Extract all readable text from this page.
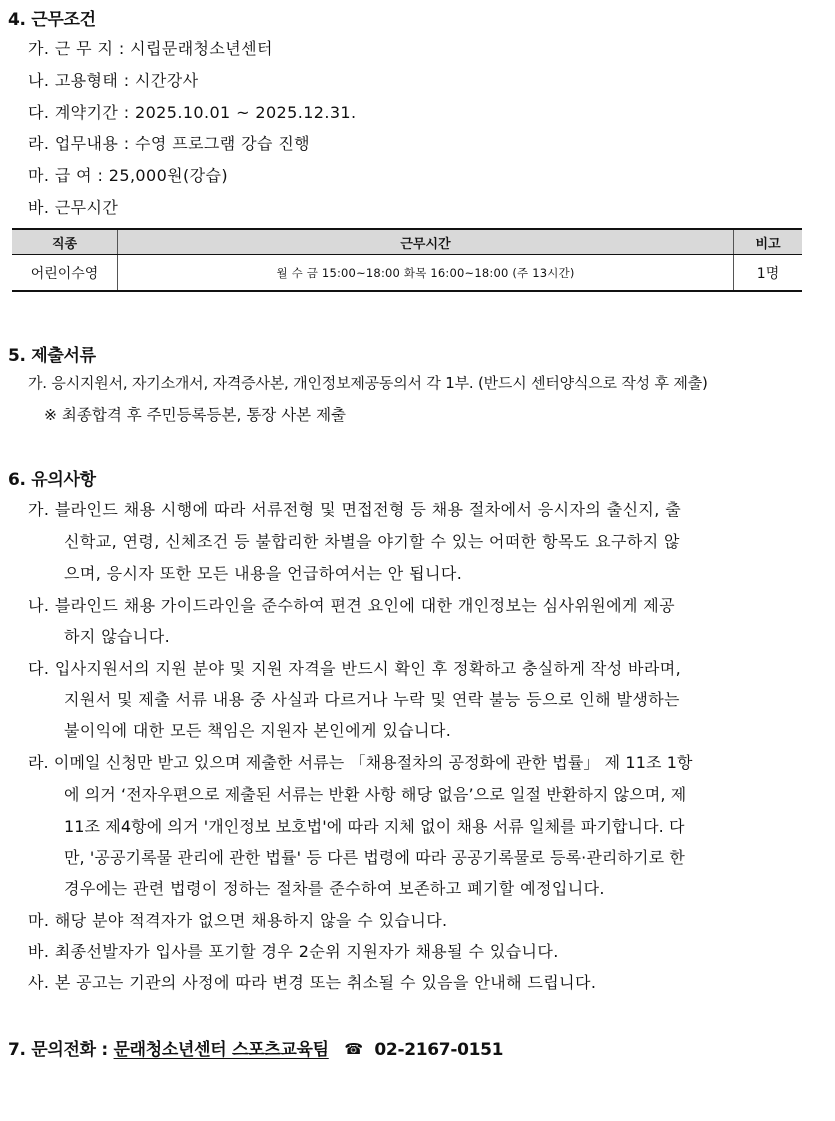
4. 근무조건
가. 근 무 지 : 시립문래청소년센터
나. 고용형태 : 시간강사
다. 계약기간 : 2025.10.01 ~ 2025.12.31.
라. 업무내용 : 수영 프로그램 강습 진행
마. 급 여 : 25,000원(강습)
바. 근무시간
직종	근무시간	비고
어린이수영	월 수 금 15:00~18:00 화목 16:00~18:00 (주 13시간)	1명
5. 제출서류
가. 응시지원서, 자기소개서, 자격증사본, 개인정보제공동의서 각 1부. (반드시 센터양식으로 작성 후 제출)
※ 최종합격 후 주민등록등본, 통장 사본 제출
6. 유의사항
가. 블라인드 채용 시행에 따라 서류전형 및 면접전형 등 채용 절차에서 응시자의 출신지, 출
신학교, 연령, 신체조건 등 불합리한 차별을 야기할 수 있는 어떠한 항목도 요구하지 않
으며, 응시자 또한 모든 내용을 언급하여서는 안 됩니다.
나. 블라인드 채용 가이드라인을 준수하여 편견 요인에 대한 개인정보는 심사위원에게 제공
하지 않습니다.
다. 입사지원서의 지원 분야 및 지원 자격을 반드시 확인 후 정확하고 충실하게 작성 바라며,
지원서 및 제출 서류 내용 중 사실과 다르거나 누락 및 연락 불능 등으로 인해 발생하는
불이익에 대한 모든 책임은 지원자 본인에게 있습니다.
라. 이메일 신청만 받고 있으며 제출한 서류는 「채용절차의 공정화에 관한 법률」 제 11조 1항
에 의거 ‘전자우편으로 제출된 서류는 반환 사항 해당 없음’으로 일절 반환하지 않으며, 제
11조 제4항에 의거 '개인정보 보호법'에 따라 지체 없이 채용 서류 일체를 파기합니다. 다
만, '공공기록물 관리에 관한 법률' 등 다른 법령에 따라 공공기록물로 등록·관리하기로 한
경우에는 관련 법령이 정하는 절차를 준수하여 보존하고 폐기할 예정입니다.
마. 해당 분야 적격자가 없으면 채용하지 않을 수 있습니다.
바. 최종선발자가 입사를 포기할 경우 2순위 지원자가 채용될 수 있습니다.
사. 본 공고는 기관의 사정에 따라 변경 또는 취소될 수 있음을 안내해 드립니다.
7. 문의전화 : 문래청소년센터 스포츠교육팀 ☎ 02-2167-0151
